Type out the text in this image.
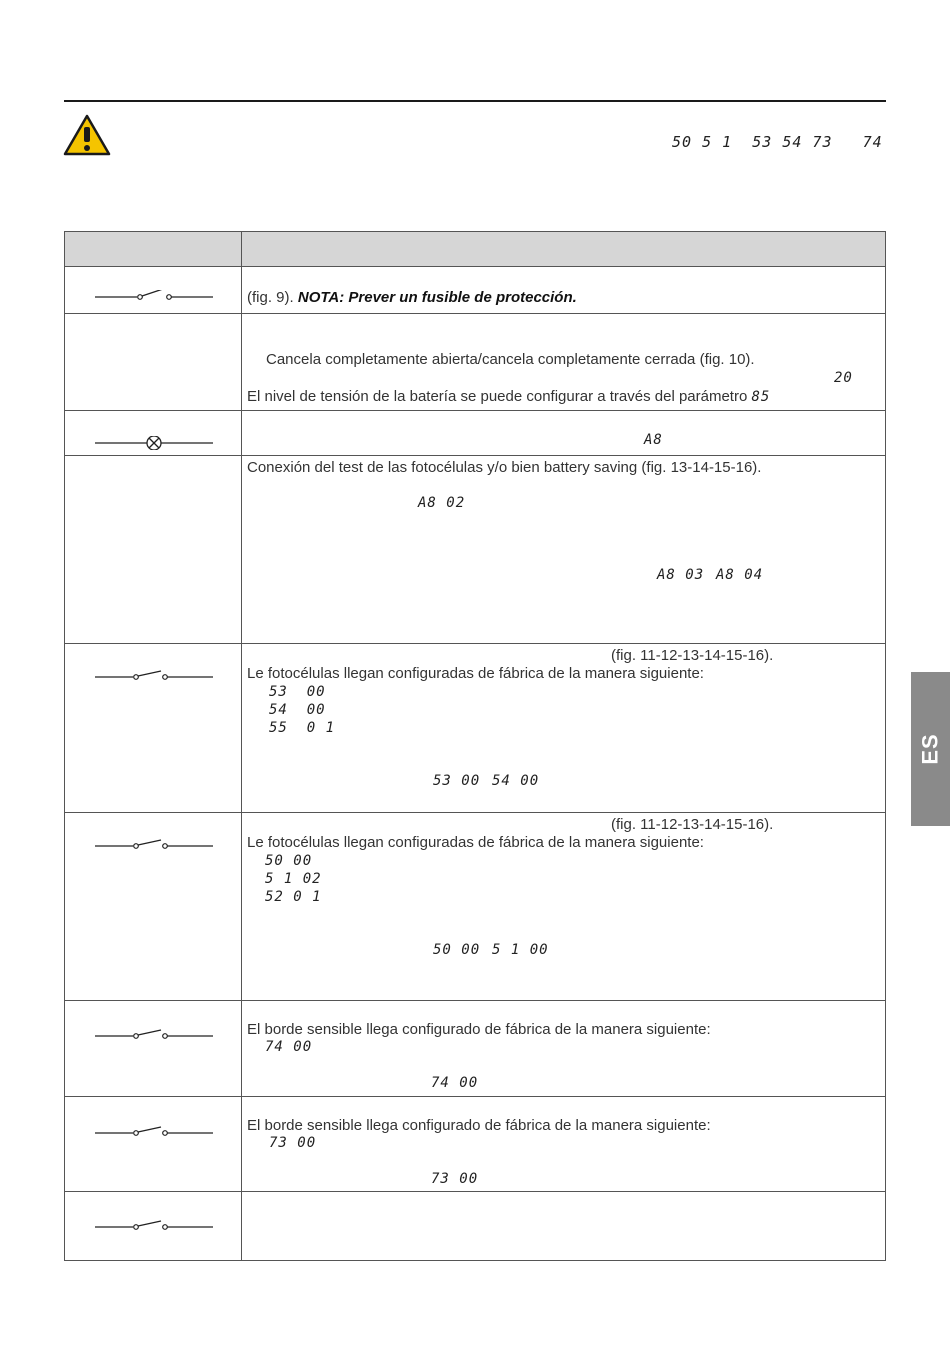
50 5 1  53 54 73   74
(fig. 9). NOTA: Prever un fusible de protección.
Cancela completamente abierta/cancela completamente cerrada (fig. 10).
20
El nivel de tensión de la batería se puede configurar a través del parámetro 85
A8
Conexión del test de las fotocélulas y/o bien battery saving (fig. 13-14-15-16).
A8 02
A8 03 A8 04
(fig. 11-12-13-14-15-16).
Le fotocélulas llegan configuradas de fábrica de la manera siguiente:
53  00
54  00
55  0 1
53 00 54 00
(fig. 11-12-13-14-15-16).
Le fotocélulas llegan configuradas de fábrica de la manera siguiente:
50 00
5 1 02
52 0 1
50 00 5 1 00
El borde sensible llega configurado de fábrica de la manera siguiente:
74 00
74 00
El borde sensible llega configurado de fábrica de la manera siguiente:
73 00
73 00
ES
